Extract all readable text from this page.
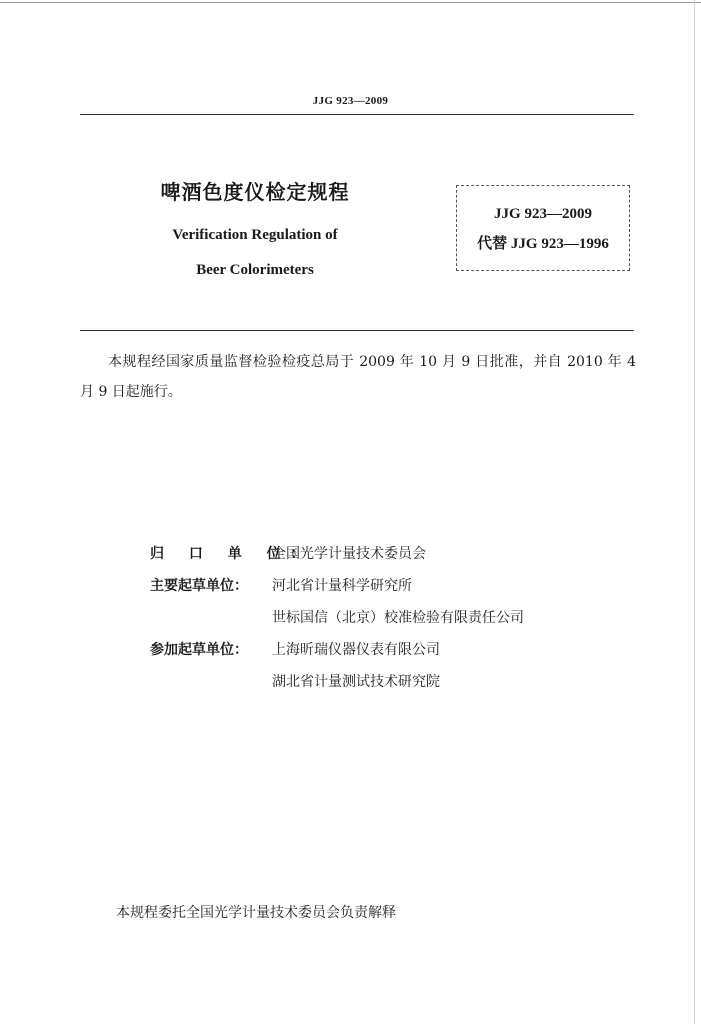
JJG 923—2009
啤酒色度仪检定规程
Verification Regulation of
Beer Colorimeters
JJG 923—2009
代替 JJG 923—1996
本规程经国家质量监督检验检疫总局于 2009 年 10 月 9 日批准，并自 2010 年 4 月 9 日起施行。
归 口 单 位：全国光学计量技术委员会
主要起草单位： 河北省计量科学研究所
世标国信（北京）校准检验有限责任公司
参加起草单位： 上海昕瑞仪器仪表有限公司
湖北省计量测试技术研究院
本规程委托全国光学计量技术委员会负责解释
